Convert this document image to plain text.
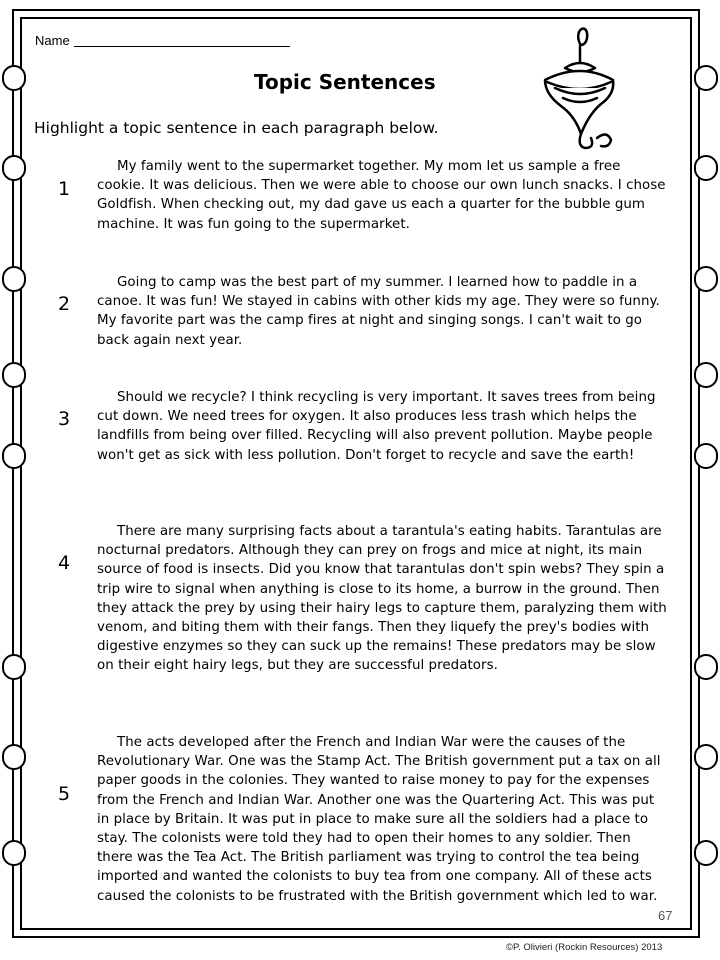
Name
Topic Sentences
Highlight a topic sentence in each paragraph below.
1
My family went to the supermarket together. My mom let us sample a free cookie. It was delicious. Then we were able to choose our own lunch snacks. I chose Goldfish. When checking out, my dad gave us each a quarter for the bubble gum machine. It was fun going to the supermarket.
2
Going to camp was the best part of my summer. I learned how to paddle in a canoe. It was fun! We stayed in cabins with other kids my age. They were so funny. My favorite part was the camp fires at night and singing songs. I can't wait to go back again next year.
3
Should we recycle? I think recycling is very important. It saves trees from being cut down. We need trees for oxygen. It also produces less trash which helps the landfills from being over filled. Recycling will also prevent pollution. Maybe people won't get as sick with less pollution. Don't forget to recycle and save the earth!
4
There are many surprising facts about a tarantula's eating habits. Tarantulas are nocturnal predators. Although they can prey on frogs and mice at night, its main source of food is insects. Did you know that tarantulas don't spin webs? They spin a trip wire to signal when anything is close to its home, a burrow in the ground. Then they attack the prey by using their hairy legs to capture them, paralyzing them with venom, and biting them with their fangs. Then they liquefy the prey's bodies with digestive enzymes so they can suck up the remains! These predators may be slow on their eight hairy legs, but they are successful predators.
5
The acts developed after the French and Indian War were the causes of the Revolutionary War. One was the Stamp Act. The British government put a tax on all paper goods in the colonies. They wanted to raise money to pay for the expenses from the French and Indian War. Another one was the Quartering Act. This was put in place by Britain. It was put in place to make sure all the soldiers had a place to stay. The colonists were told they had to open their homes to any soldier. Then there was the Tea Act. The British parliament was trying to control the tea being imported and wanted the colonists to buy tea from one company. All of these acts caused the colonists to be frustrated with the British government which led to war.
67
©P. Olivieri (Rockin Resources) 2013
